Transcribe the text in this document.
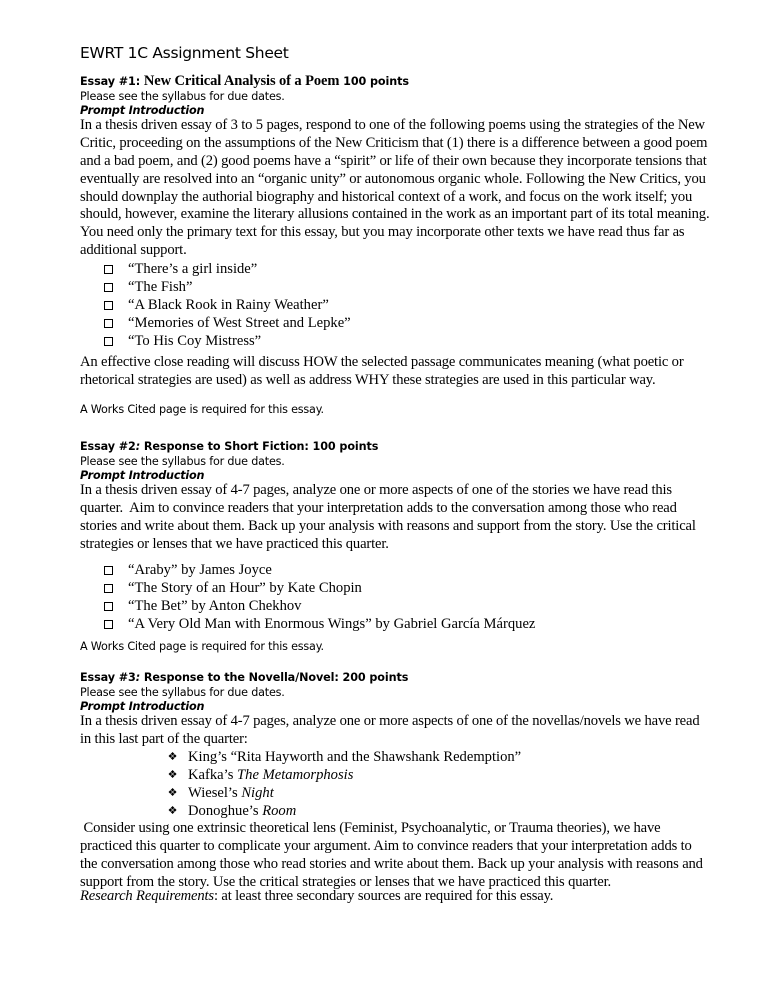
EWRT 1C Assignment Sheet
Essay #1: New Critical Analysis of a Poem 100 points
Please see the syllabus for due dates.
Prompt Introduction
In a thesis driven essay of 3 to 5 pages, respond to one of the following poems using the strategies of the New
Critic, proceeding on the assumptions of the New Criticism that (1) there is a difference between a good poem
and a bad poem, and (2) good poems have a “spirit” or life of their own because they incorporate tensions that
eventually are resolved into an “organic unity” or autonomous organic whole. Following the New Critics, you
should downplay the authorial biography and historical context of a work, and focus on the work itself; you
should, however, examine the literary allusions contained in the work as an important part of its total meaning.
You need only the primary text for this essay, but you may incorporate other texts we have read thus far as
additional support.
“There’s a girl inside”
“The Fish”
“A Black Rook in Rainy Weather”
“Memories of West Street and Lepke”
“To His Coy Mistress”
An effective close reading will discuss HOW the selected passage communicates meaning (what poetic or
rhetorical strategies are used) as well as address WHY these strategies are used in this particular way.
A Works Cited page is required for this essay.
Essay #2: Response to Short Fiction: 100 points
Please see the syllabus for due dates.
Prompt Introduction
In a thesis driven essay of 4-7 pages, analyze one or more aspects of one of the stories we have read this
quarter.  Aim to convince readers that your interpretation adds to the conversation among those who read
stories and write about them. Back up your analysis with reasons and support from the story. Use the critical
strategies or lenses that we have practiced this quarter.
“Araby” by James Joyce
“The Story of an Hour” by Kate Chopin
“The Bet” by Anton Chekhov
“A Very Old Man with Enormous Wings” by Gabriel García Márquez
A Works Cited page is required for this essay.
Essay #3: Response to the Novella/Novel: 200 points
Please see the syllabus for due dates.
Prompt Introduction
In a thesis driven essay of 4-7 pages, analyze one or more aspects of one of the novellas/novels we have read
in this last part of the quarter:
❖ King’s “Rita Hayworth and the Shawshank Redemption”
❖ Kafka’s The Metamorphosis
❖ Wiesel’s Night
❖ Donoghue’s Room
Consider using one extrinsic theoretical lens (Feminist, Psychoanalytic, or Trauma theories), we have
practiced this quarter to complicate your argument. Aim to convince readers that your interpretation adds to
the conversation among those who read stories and write about them. Back up your analysis with reasons and
support from the story. Use the critical strategies or lenses that we have practiced this quarter.
Research Requirements: at least three secondary sources are required for this essay.
